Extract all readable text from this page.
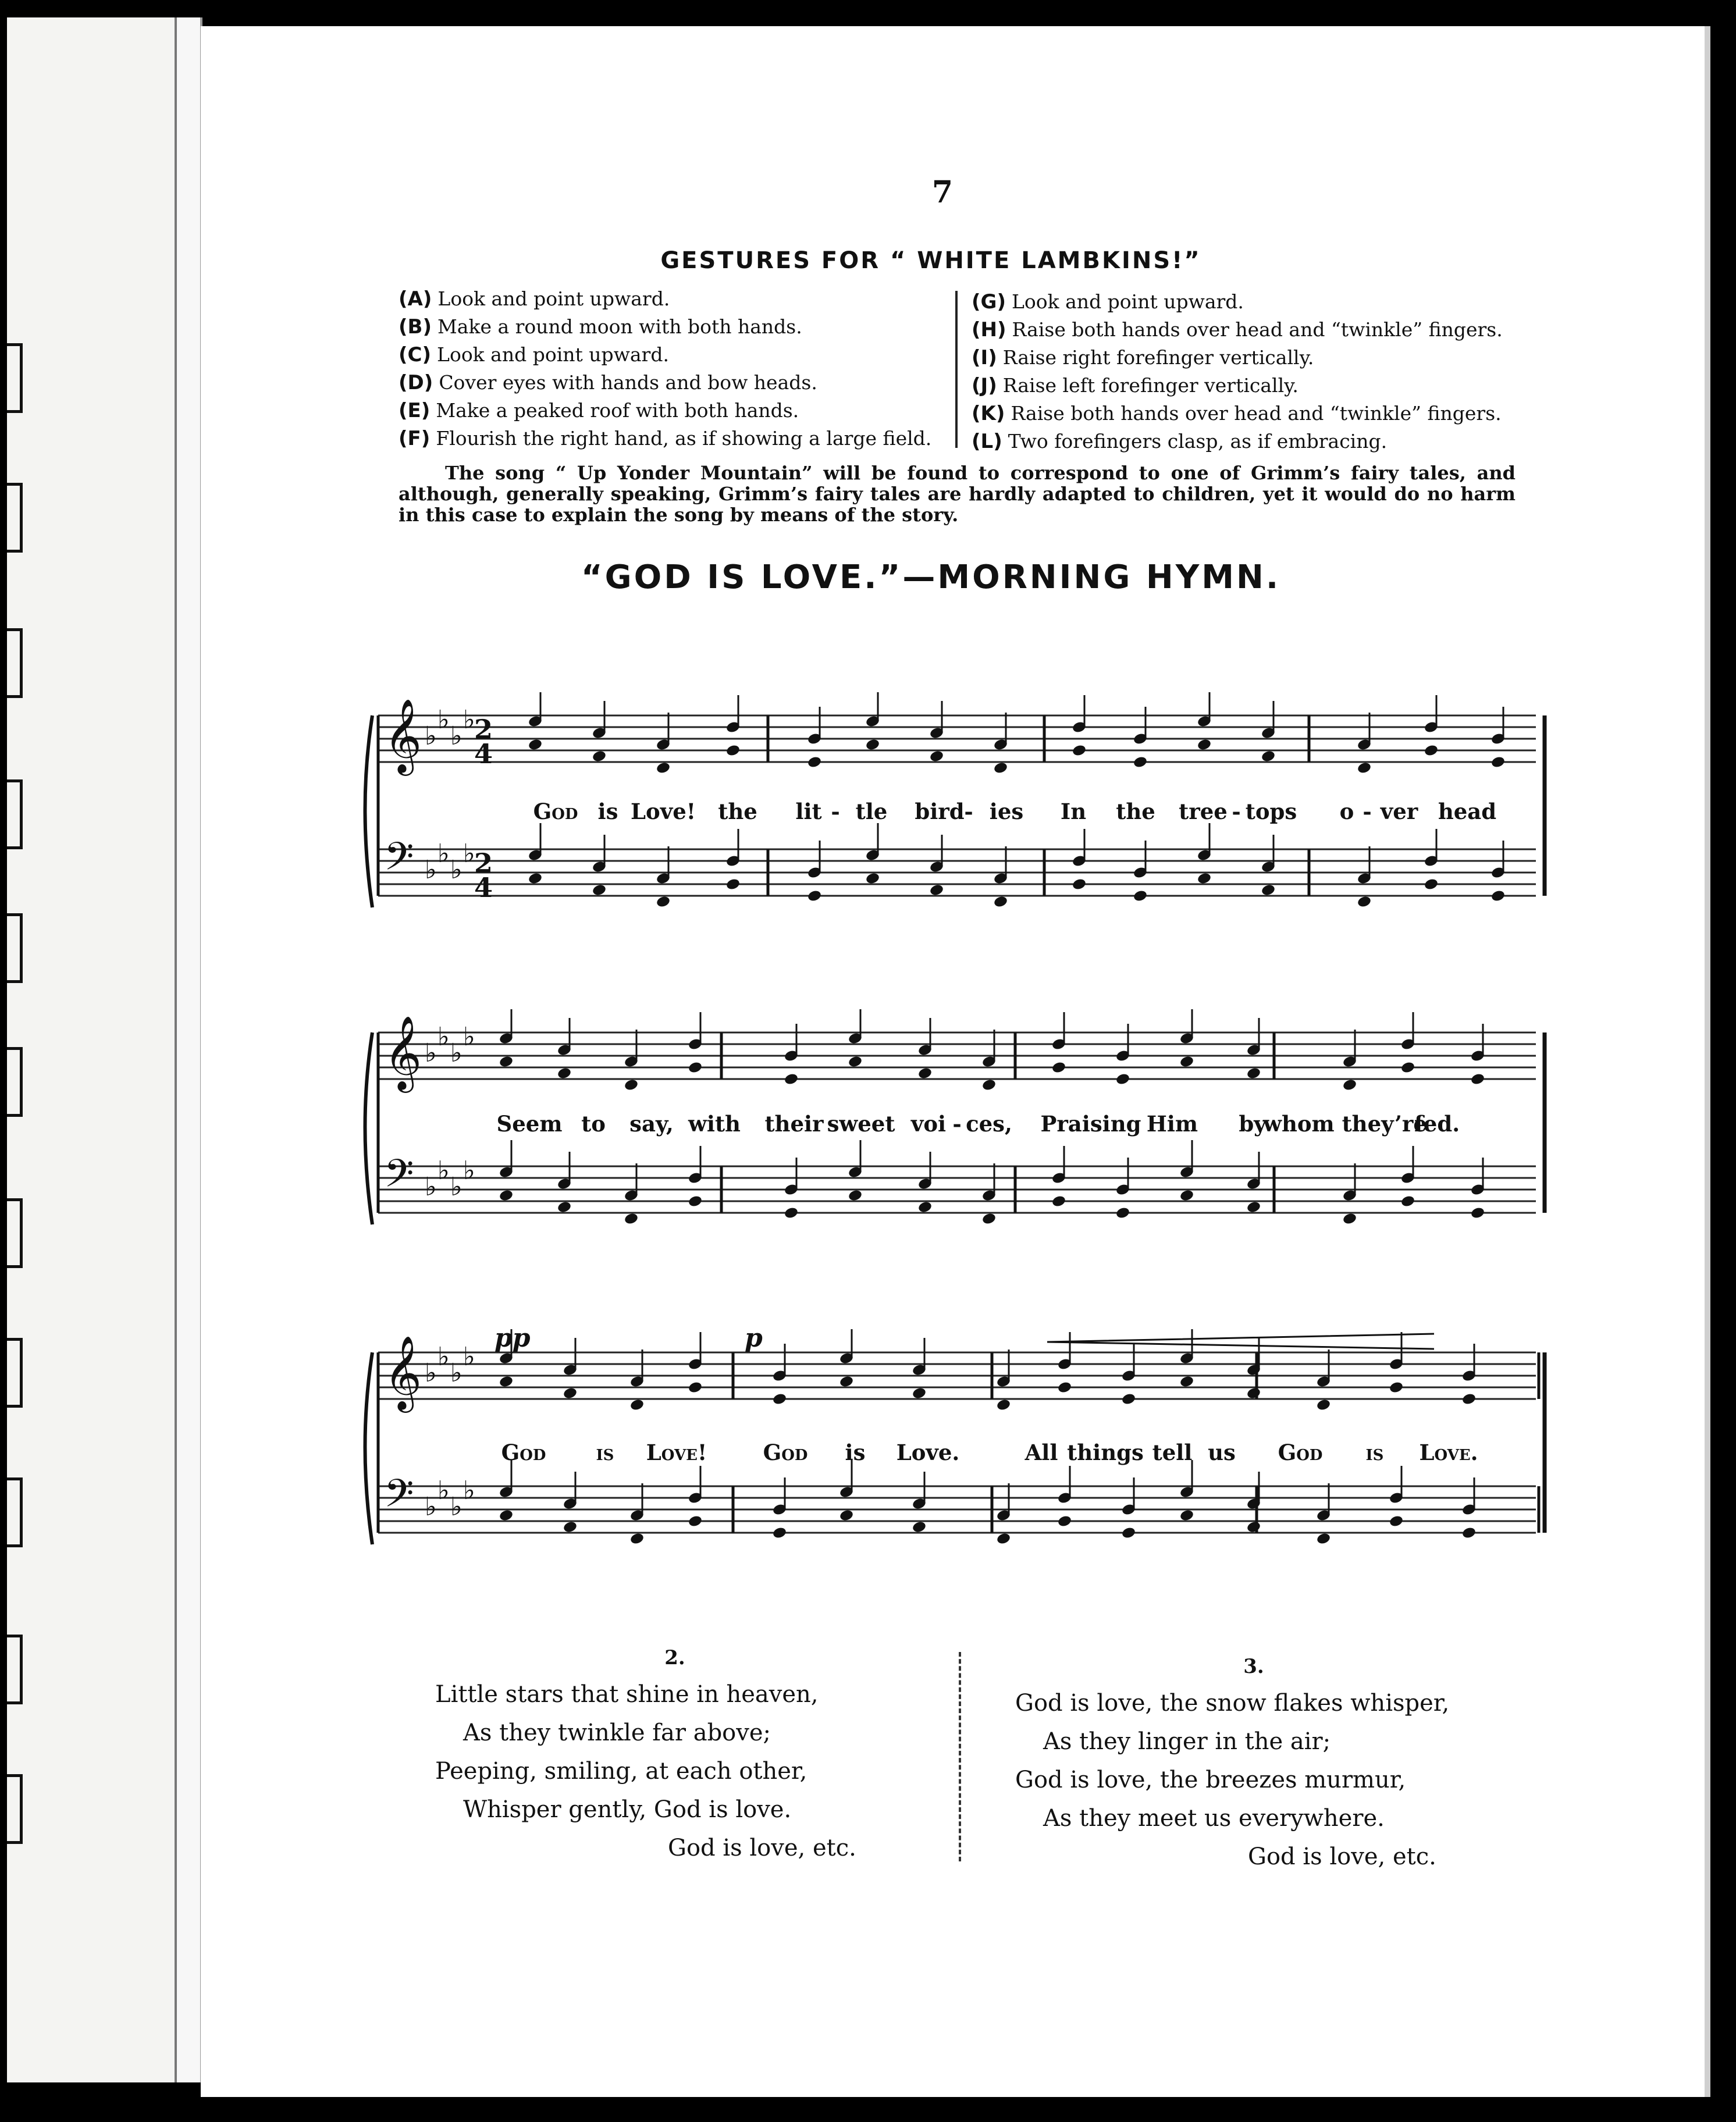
7
GESTURES FOR “ WHITE LAMBKINS!”
(A) Look and point upward.
(B) Make a round moon with both hands.
(C) Look and point upward.
(D) Cover eyes with hands and bow heads.
(E) Make a peaked roof with both hands.
(F) Flourish the right hand, as if showing a large field.
(G) Look and point upward.
(H) Raise both hands over head and “twinkle” fingers.
(I) Raise right forefinger vertically.
(J) Raise left forefinger vertically.
(K) Raise both hands over head and “twinkle” fingers.
(L) Two forefingers clasp, as if embracing.
The song “ Up Yonder Mountain” will be found to correspond to one of Grimm’s fairy tales, and although, generally speaking, Grimm’s fairy tales are hardly adapted to children, yet it would do no harm in this case to explain the song by means of the story.
“GOD IS LOVE.”—MORNING HYMN.
𝄞 ♭
♭
♭
♭
𝄢 ♭
♭
♭
♭
2
4
2
4
𝄞 ♭
♭
♭
♭
𝄢 ♭
♭
♭
♭
𝄞 ♭
♭
♭
♭
𝄢 ♭
♭
♭
♭
pp	p
God is Love! the lit - tle bird - ies In the tree - tops o - ver head
Seem to say, with their sweet voi - ces, Praising Him by
whom they’re
fed.
God is Love!	God is Love.	All things tell us God is Love.
2.
Little stars that shine in heaven,
As they twinkle far above;
Peeping, smiling, at each other,
Whisper gently, God is love.
God is love, etc.
3.
God is love, the snow flakes whisper,
As they linger in the air;
God is love, the breezes murmur,
As they meet us everywhere.
God is love, etc.
